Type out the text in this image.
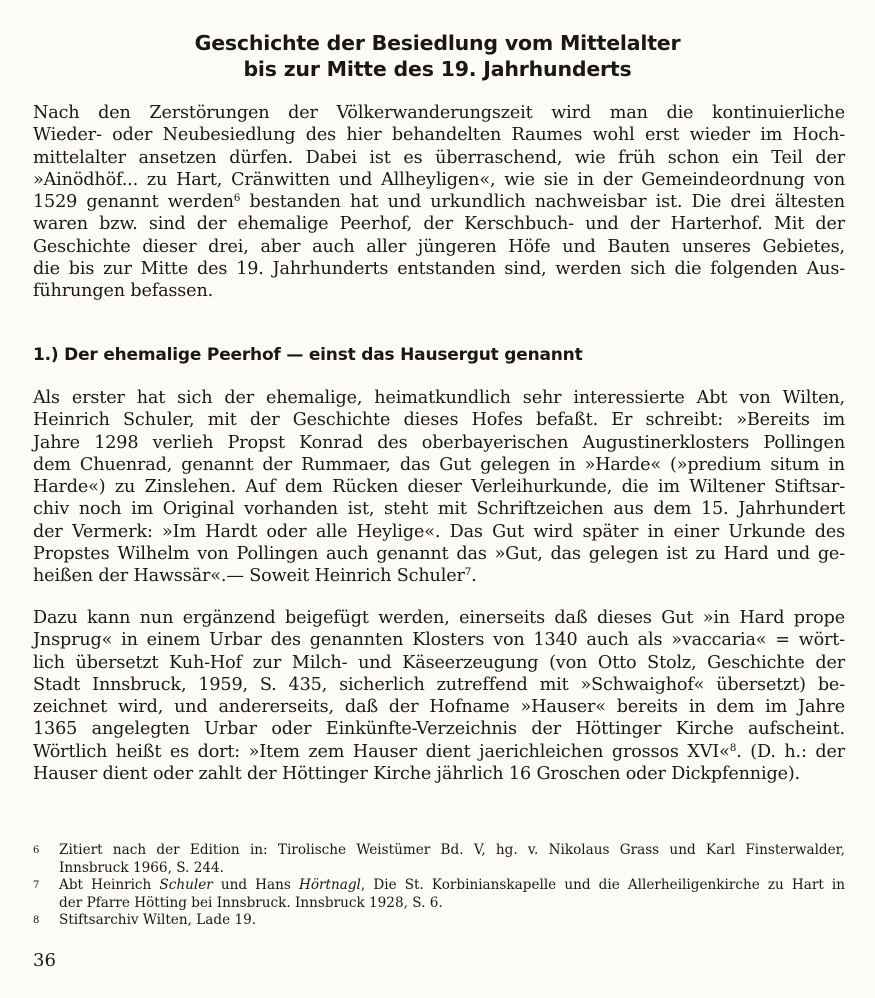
Geschichte der Besiedlung vom Mittelalter
bis zur Mitte des 19. Jahrhunderts
Nach den Zerstörungen der Völkerwanderungszeit wird man die kontinuierliche
Wieder- oder Neubesiedlung des hier behandelten Raumes wohl erst wieder im Hoch-
mittelalter ansetzen dürfen. Dabei ist es überraschend, wie früh schon ein Teil der
»Ainödhöf... zu Hart, Cränwitten und Allheyligen«, wie sie in der Gemeindeordnung von
1529 genannt werden$^6$ bestanden hat und urkundlich nachweisbar ist. Die drei ältesten
waren bzw. sind der ehemalige Peerhof, der Kerschbuch- und der Harterhof. Mit der
Geschichte dieser drei, aber auch aller jüngeren Höfe und Bauten unseres Gebietes,
die bis zur Mitte des 19. Jahrhunderts entstanden sind, werden sich die folgenden Aus-
führungen befassen.
1.) Der ehemalige Peerhof — einst das Hausergut genannt
Als erster hat sich der ehemalige, heimatkundlich sehr interessierte Abt von Wilten,
Heinrich Schuler, mit der Geschichte dieses Hofes befaßt. Er schreibt: »Bereits im
Jahre 1298 verlieh Propst Konrad des oberbayerischen Augustinerklosters Pollingen
dem Chuenrad, genannt der Rummaer, das Gut gelegen in »Harde« (»predium situm in
Harde«) zu Zinslehen. Auf dem Rücken dieser Verleihurkunde, die im Wiltener Stiftsar-
chiv noch im Original vorhanden ist, steht mit Schriftzeichen aus dem 15. Jahrhundert
der Vermerk: »Im Hardt oder alle Heylige«. Das Gut wird später in einer Urkunde des
Propstes Wilhelm von Pollingen auch genannt das »Gut, das gelegen ist zu Hard und ge-
heißen der Hawssär«.— Soweit Heinrich Schuler$^7$.
Dazu kann nun ergänzend beigefügt werden, einerseits daß dieses Gut »in Hard prope
Jnsprug« in einem Urbar des genannten Klosters von 1340 auch als »vaccaria« = wört-
lich übersetzt Kuh-Hof zur Milch- und Käseerzeugung (von Otto Stolz, Geschichte der
Stadt Innsbruck, 1959, S. 435, sicherlich zutreffend mit »Schwaighof« übersetzt) be-
zeichnet wird, und andererseits, daß der Hofname »Hauser« bereits in dem im Jahre
1365 angelegten Urbar oder Einkünfte-Verzeichnis der Höttinger Kirche aufscheint.
Wörtlich heißt es dort: »Item zem Hauser dient jaerichleichen grossos XVI«$^8$. (D. h.: der
Hauser dient oder zahlt der Höttinger Kirche jährlich 16 Groschen oder Dickpfennige).
6 Zitiert nach der Edition in: Tirolische Weistümer Bd. V, hg. v. Nikolaus Grass und Karl Finsterwalder,
Innsbruck 1966, S. 244.
7 Abt Heinrich Schuler und Hans Hörtnagl, Die St. Korbinianskapelle und die Allerheiligenkirche zu Hart in
der Pfarre Hötting bei Innsbruck. Innsbruck 1928, S. 6.
8 Stiftsarchiv Wilten, Lade 19.
36
